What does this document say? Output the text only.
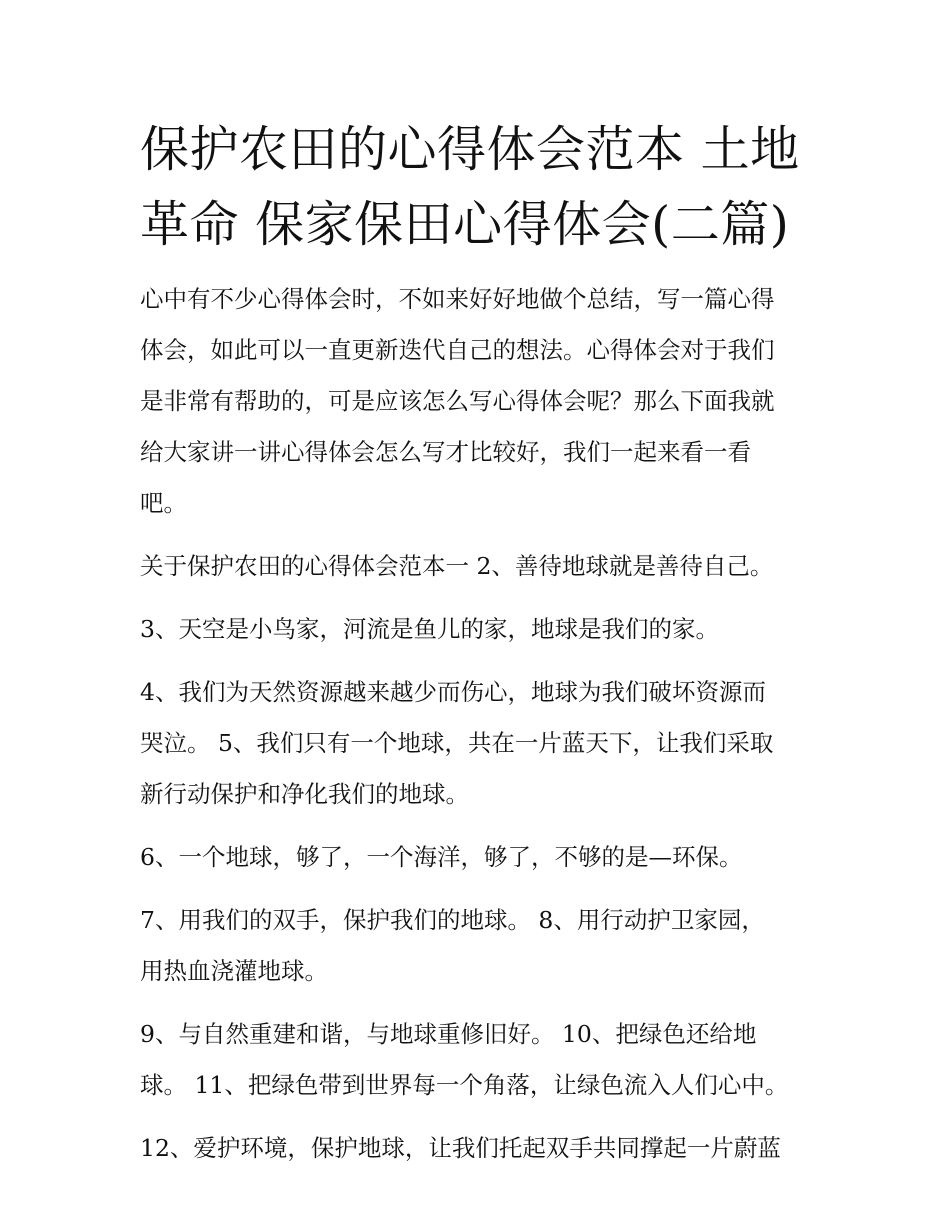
保护农田的心得体会范本 土地
革命 保家保田心得体会(二篇)

心中有不少心得体会时，不如来好好地做个总结，写一篇心得
体会，如此可以一直更新迭代自己的想法。心得体会对于我们
是非常有帮助的，可是应该怎么写心得体会呢？那么下面我就
给大家讲一讲心得体会怎么写才比较好，我们一起来看一看
吧。

关于保护农田的心得体会范本一 2、善待地球就是善待自己。

3、天空是小鸟家，河流是鱼儿的家，地球是我们的家。

4、我们为天然资源越来越少而伤心，地球为我们破坏资源而
哭泣。 5、我们只有一个地球，共在一片蓝天下，让我们采取
新行动保护和净化我们的地球。

6、一个地球，够了，一个海洋，够了，不够的是—环保。

7、用我们的双手，保护我们的地球。 8、用行动护卫家园，
用热血浇灌地球。

9、与自然重建和谐，与地球重修旧好。 10、把绿色还给地
球。 11、把绿色带到世界每一个角落，让绿色流入人们心中。

12、爱护环境，保护地球，让我们托起双手共同撑起一片蔚蓝
